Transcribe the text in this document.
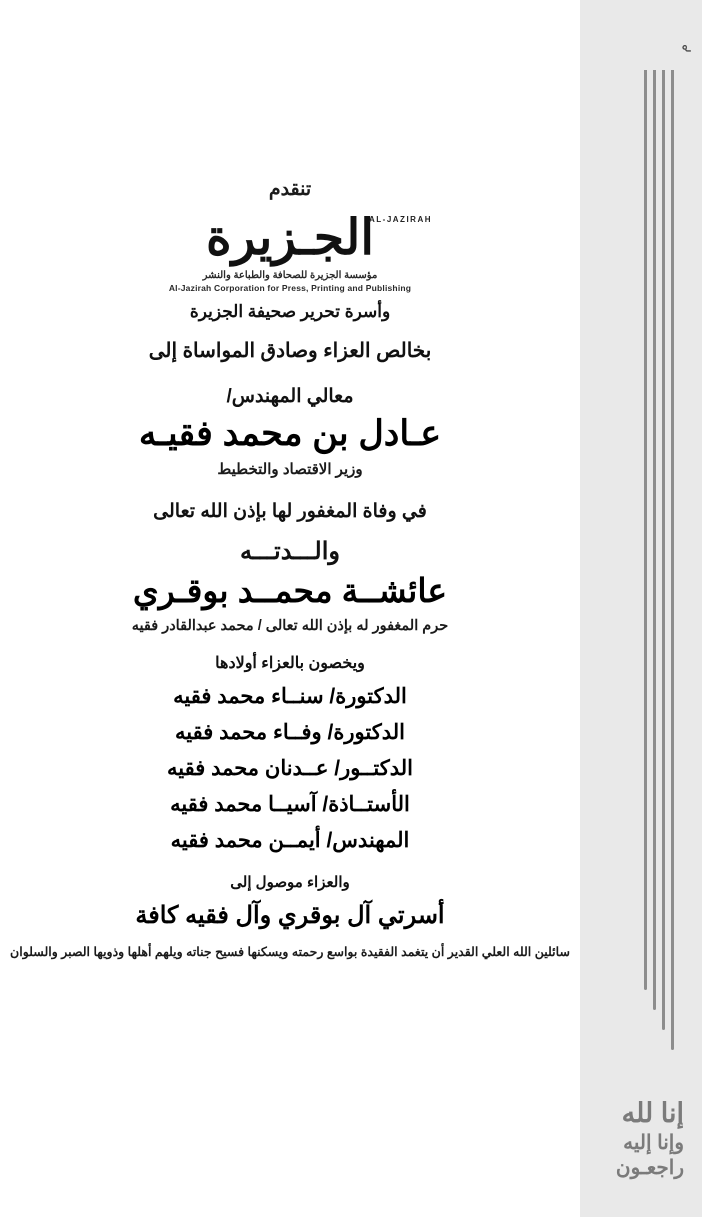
ﻡ
إنا لله
وإنا إليه
راجعـون
تنقدم
AL-JAZIRAH
الجـزيرة
مؤسسة الجزيرة للصحافة والطباعة والنشر
Al-Jazirah Corporation for Press, Printing and Publishing
وأسرة تحرير صحيفة الجزيرة
بخالص العزاء وصادق المواساة إلى
معالي المهندس/
عـادل بن محمد فقيـه
وزير الاقتصاد والتخطيط
في وفاة المغفور لها بإذن الله تعالى
والـــدتـــه
عائشــة محمــد بوقـري
حرم المغفور له بإذن الله تعالى / محمد عبدالقادر فقيه
ويخصون بالعزاء أولادها
الدكتورة/ سنــاء محمد فقيه
الدكتورة/ وفــاء محمد فقيه
الدكتــور/ عــدنان محمد فقيه
الأستــاذة/ آسيــا محمد فقيه
المهندس/ أيمــن محمد فقيه
والعزاء موصول إلى
أسرتي آل بوقري وآل فقيه كافة
سائلين الله العلي القدير أن يتغمد الفقيدة بواسع رحمته ويسكنها فسيح جناته ويلهم أهلها وذويها الصبر والسلوان
